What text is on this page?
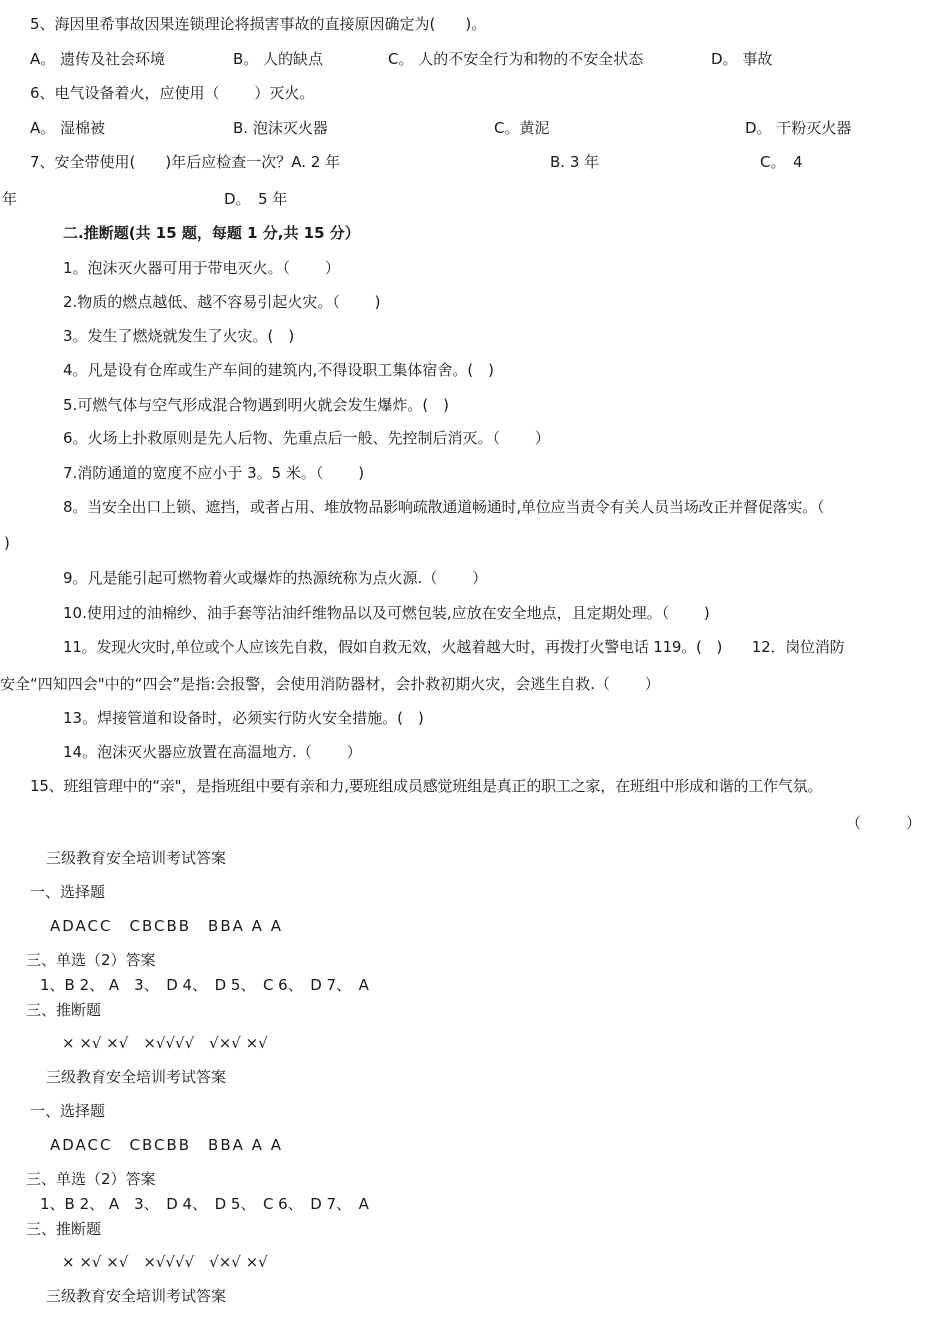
5、海因里希事故因果连锁理论将损害事故的直接原因确定为(　　)。
A。 遗传及社会环境	B。 人的缺点	C。 人的不安全行为和物的不安全状态	D。 事故
6、电气设备着火，应使用（　　 ）灭火。
A。 湿棉被	B. 泡沫灭火器	C。黄泥	D。 干粉灭火器
7、安全带使用(　　)年后应检查一次？A. 2 年	B. 3 年	C。　4
年	D。　5 年
二.推断题(共 15 题，每题 1 分,共 15 分）
1。泡沫灭火器可用于带电灭火。（　　 ）
2.物质的燃点越低、越不容易引起火灾。（　　 )
3。发生了燃烧就发生了火灾。(　)
4。凡是设有仓库或生产车间的建筑内,不得设职工集体宿舍。(　)
5.可燃气体与空气形成混合物遇到明火就会发生爆炸。(　)
6。火场上扑救原则是先人后物、先重点后一般、先控制后消灭。（　　 ）
7.消防通道的宽度不应小于 3。5 米。（　　 )
8。当安全出口上锁、遮挡，或者占用、堆放物品影响疏散通道畅通时,单位应当责令有关人员当场改正并督促落实。（
)
9。凡是能引起可燃物着火或爆炸的热源统称为点火源.（　　 ）
10.使用过的油棉纱、油手套等沾油纤维物品以及可燃包装,应放在安全地点，且定期处理。（　　 )
11。发现火灾时,单位或个人应该先自救，假如自救无效，火越着越大时，再拨打火警电话 119。(　)　　12．岗位消防
安全“四知四会"中的“四会”是指:会报警，会使用消防器材，会扑救初期火灾，会逃生自救.（　　 ）
13。焊接管道和设备时，必须实行防火安全措施。(　)
14。泡沫灭火器应放置在高温地方.（　　 ）
15、班组管理中的“亲"，是指班组中要有亲和力,要班组成员感觉班组是真正的职工之家，在班组中形成和谐的工作气氛。
（　　　）
三级教育安全培训考试答案
一、选择题
ADACC　CBCBB　BBA A A
三、单选（2）答案
1、B 2、 A　3、　D 4、　D 5、　C 6、　D 7、　A
三、推断题
× ×√ ×√　×√√√√　√×√ ×√
三级教育安全培训考试答案
一、选择题
ADACC　CBCBB　BBA A A
三、单选（2）答案
1、B 2、 A　3、　D 4、　D 5、　C 6、　D 7、　A
三、推断题
× ×√ ×√　×√√√√　√×√ ×√
三级教育安全培训考试答案
